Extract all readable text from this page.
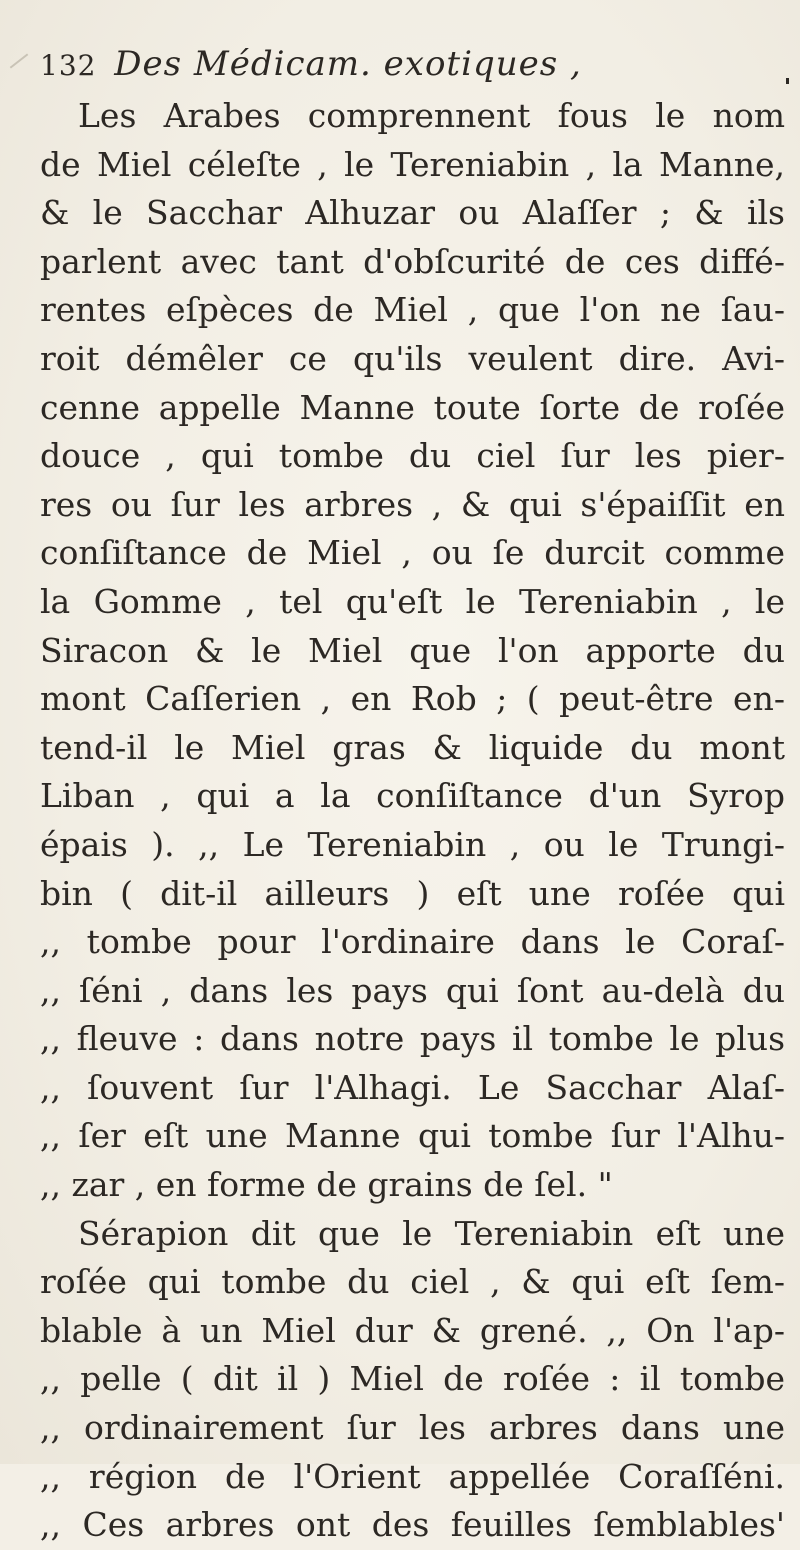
132 Des Médicam. exotiques ,
Les Arabes comprennent fous le nom
de Miel céleſte , le Tereniabin , la Manne,
& le Sacchar Alhuzar ou Alaſſer ; & ils
parlent avec tant d'obſcurité de ces diffé-
rentes eſpèces de Miel , que l'on ne ſau-
roit démêler ce qu'ils veulent dire. Avi-
cenne appelle Manne toute ſorte de roſée
douce , qui tombe du ciel ſur les pier-
res ou ſur les arbres , & qui s'épaiſſit en
conſiſtance de Miel , ou ſe durcit comme
la Gomme , tel qu'eſt le Tereniabin , le
Siracon & le Miel que l'on apporte du
mont Caſſerien , en Rob ; ( peut-être en-
tend-il le Miel gras & liquide du mont
Liban , qui a la conſiſtance d'un Syrop
épais ). ,, Le Tereniabin , ou le Trungi-
bin ( dit-il ailleurs ) eſt une roſée qui
,, tombe pour l'ordinaire dans le Coraſ-
,, ſéni , dans les pays qui ſont au-delà du
,, fleuve : dans notre pays il tombe le plus
,, ſouvent ſur l'Alhagi. Le Sacchar Alaſ-
,, ſer eſt une Manne qui tombe ſur l'Alhu-
,, zar , en forme de grains de ſel. "
Sérapion dit que le Tereniabin eſt une
roſée qui tombe du ciel , & qui eſt ſem-
blable à un Miel dur & grené. ,, On l'ap-
,, pelle ( dit il ) Miel de roſée : il tombe
,, ordinairement ſur les arbres dans une
,, région de l'Orient appellée Coraſſéni.
,, Ces arbres ont des feuilles ſemblables'
